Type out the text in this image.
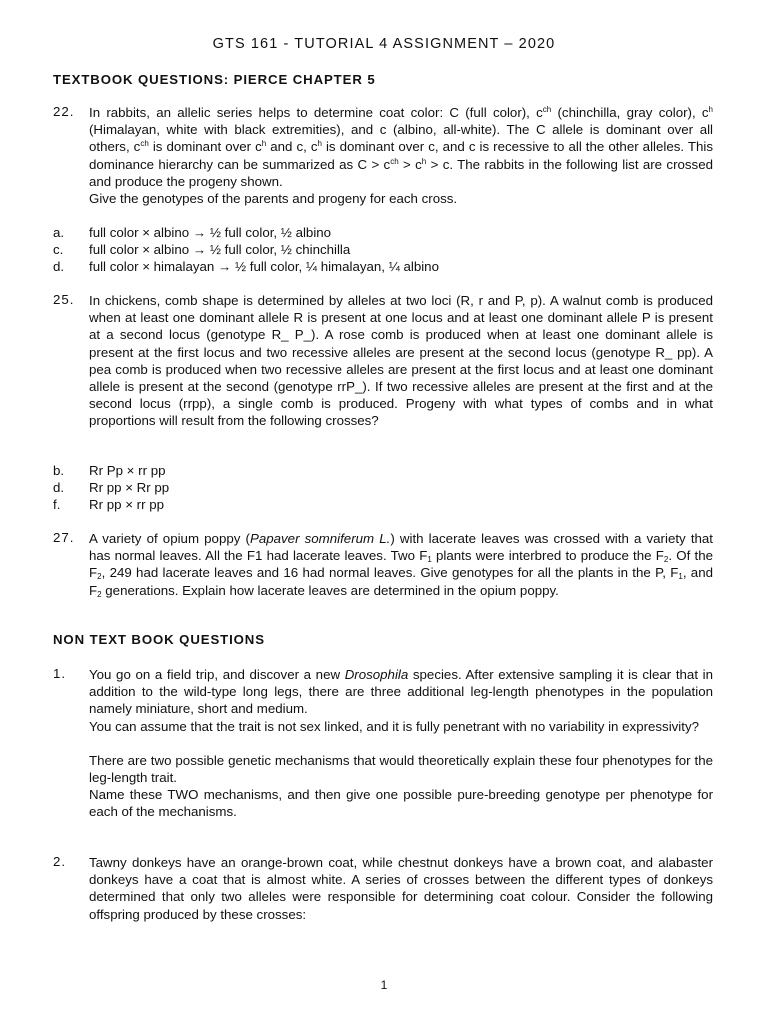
GTS 161 - TUTORIAL 4 ASSIGNMENT – 2020
TEXTBOOK QUESTIONS: PIERCE CHAPTER 5
22. In rabbits, an allelic series helps to determine coat color: C (full color), $c^{ch}$ (chinchilla, gray color), $c^h$ (Himalayan, white with black extremities), and c (albino, all-white). The C allele is dominant over all others, $c^{ch}$ is dominant over $c^h$ and c, $c^h$ is dominant over c, and c is recessive to all the other alleles. This dominance hierarchy can be summarized as $C > c^{ch} > c^h > c$. The rabbits in the following list are crossed and produce the progeny shown.

Give the genotypes of the parents and progeny for each cross.

a. full color × albino → ½ full color, ½ albino
c. full color × albino → ½ full color, ½ chinchilla
d. full color × himalayan → ½ full color, ¼ himalayan, ¼ albino
25. In chickens, comb shape is determined by alleles at two loci (R, r and P, p). A walnut comb is produced when at least one dominant allele R is present at one locus and at least one dominant allele P is present at a second locus (genotype R_ P_). A rose comb is produced when at least one dominant allele is present at the first locus and two recessive alleles are present at the second locus (genotype R_ pp). A pea comb is produced when two recessive alleles are present at the first locus and at least one dominant allele is present at the second (genotype rrP_). If two recessive alleles are present at the first and at the second locus (rrpp), a single comb is produced. Progeny with what types of combs and in what proportions will result from the following crosses?

b. Rr Pp × rr pp
d. Rr pp × Rr pp
f. Rr pp × rr pp
27. A variety of opium poppy (Papaver somniferum L.) with lacerate leaves was crossed with a variety that has normal leaves. All the F1 had lacerate leaves. Two $F_1$ plants were interbred to produce the $F_2$. Of the $F_2$, 249 had lacerate leaves and 16 had normal leaves. Give genotypes for all the plants in the P, $F_1$, and $F_2$ generations. Explain how lacerate leaves are determined in the opium poppy.

NON TEXT BOOK QUESTIONS
1. You go on a field trip, and discover a new Drosophila species. After extensive sampling it is clear that in addition to the wild-type long legs, there are three additional leg-length phenotypes in the population namely miniature, short and medium.

You can assume that the trait is not sex linked, and it is fully penetrant with no variability in expressivity?

There are two possible genetic mechanisms that would theoretically explain these four phenotypes for the leg-length trait.

Name these TWO mechanisms, and then give one possible pure-breeding genotype per phenotype for each of the mechanisms.

2. Tawny donkeys have an orange-brown coat, while chestnut donkeys have a brown coat, and alabaster donkeys have a coat that is almost white. A series of crosses between the different types of donkeys determined that only two alleles were responsible for determining coat colour. Consider the following offspring produced by these crosses:

1
